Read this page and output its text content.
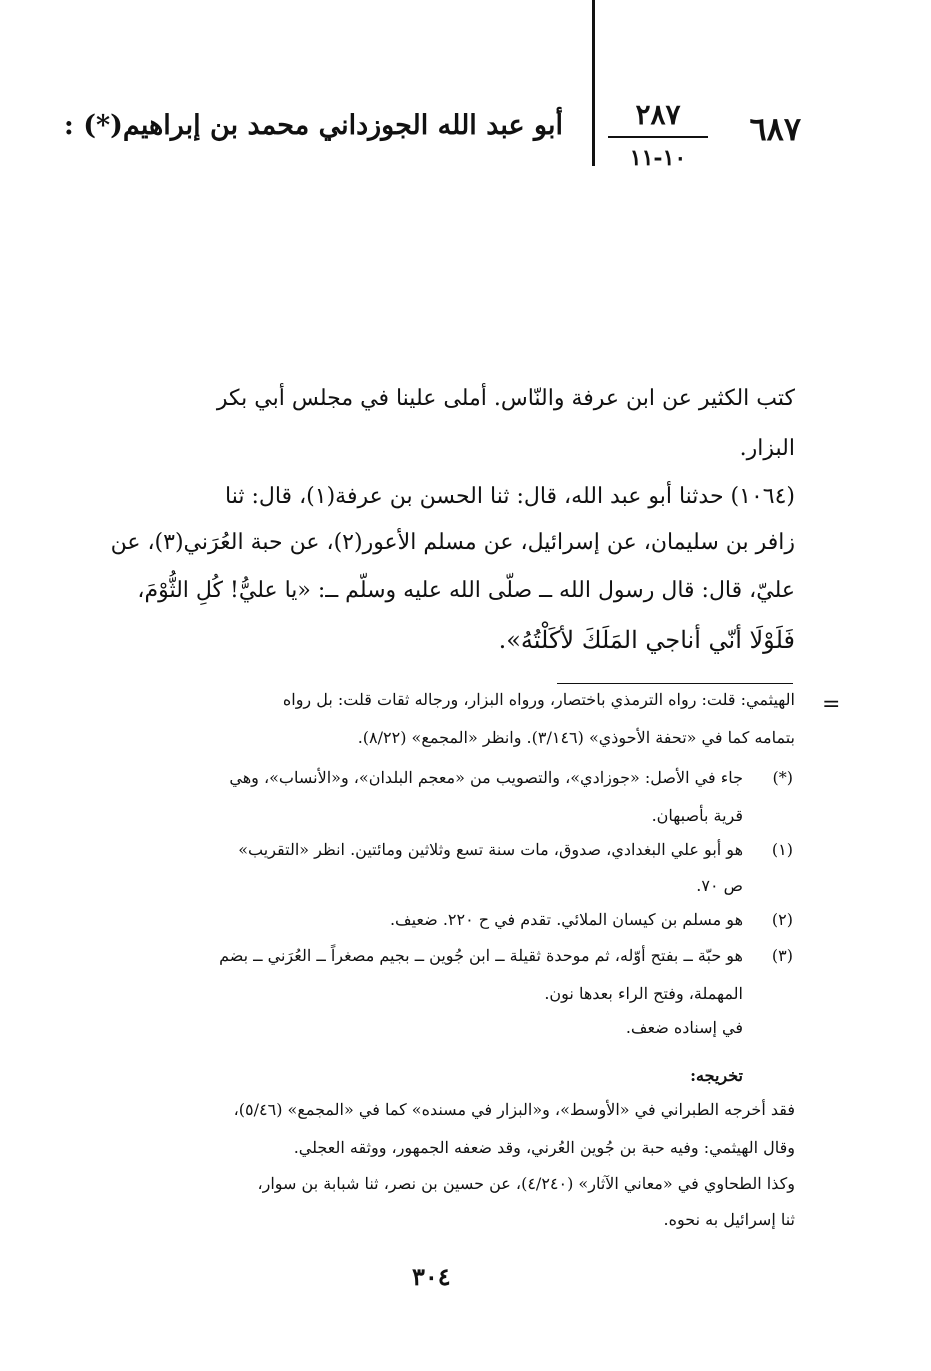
٦٨٧
٢٨٧
١٠-١١
أبو عبد الله الجوزداني محمد بن إبراهيم(*) :

كتب الكثير عن ابن عرفة والنّاس. أملى علينا في مجلس أبي بكر

البزار.

(١٠٦٤) حدثنا أبو عبد الله، قال: ثنا الحسن بن عرفة(١)، قال: ثنا

زافر بن سليمان، عن إسرائيل، عن مسلم الأعور(٢)، عن حبة العُرَني(٣)، عن

عليّ، قال: قال رسول الله ــ صلّى الله عليه وسلّم ــ: «يا عليُّ! كُلِ الثُّوْمَ،

فَلَوْلَا أنّي أناجي المَلَكَ لأكَلْتُهُ».

=

الهيثمي: قلت: رواه الترمذي باختصار، ورواه البزار، ورجاله ثقات قلت: بل رواه

بتمامه كما في «تحفة الأحوذي» (٣/١٤٦). وانظر «المجمع» (٨/٢٢).

(*)

جاء في الأصل: «جوزادي»، والتصويب من «معجم البلدان»، و«الأنساب»، وهي

قرية بأصبهان.

(١)

هو أبو علي البغدادي، صدوق، مات سنة تسع وثلاثين ومائتين. انظر «التقريب»

ص ٧٠.

(٢)

هو مسلم بن كيسان الملائي. تقدم في ح ٢٢٠. ضعيف.

(٣)

هو حبّة ــ بفتح أوّله، ثم موحدة ثقيلة ــ ابن جُوين ــ بجيم مصغراً ــ العُرَني ــ بضم

المهملة، وفتح الراء بعدها نون.

في إسناده ضعف.

تخريجه:

فقد أخرجه الطبراني في «الأوسط»، و«البزار في مسنده» كما في «المجمع» (٥/٤٦)،

وقال الهيثمي: وفيه حبة بن جُوين العُرني، وقد ضعفه الجمهور، ووثقه العجلي.

وكذا الطحاوي في «معاني الآثار» (٤/٢٤٠)، عن حسين بن نصر، ثنا شبابة بن سوار،

ثنا إسرائيل به نحوه.

٣٠٤
